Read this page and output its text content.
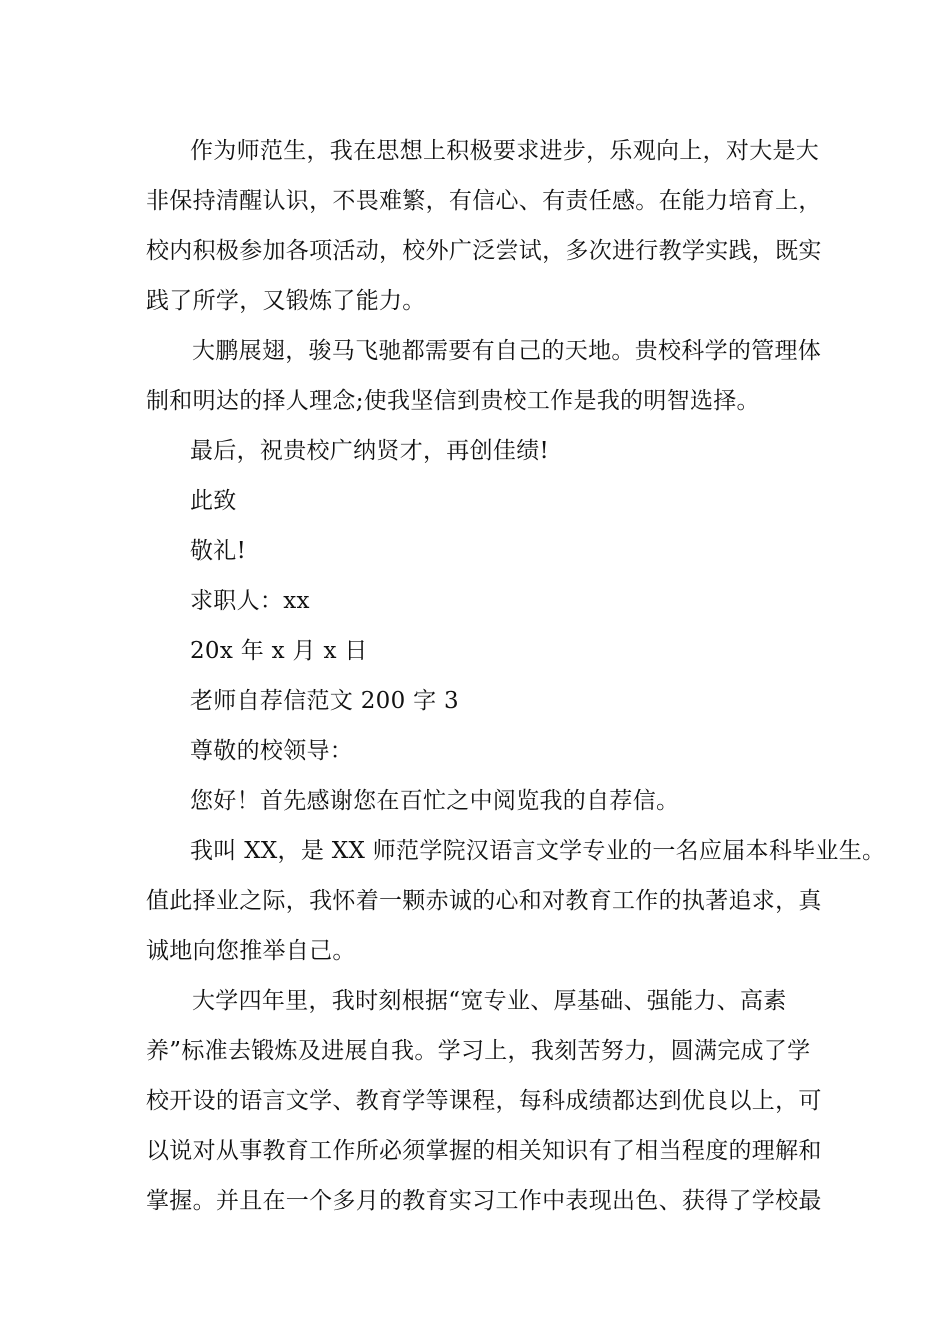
作为师范生，我在思想上积极要求进步，乐观向上，对大是大
非保持清醒认识，不畏难繁，有信心、有责任感。在能力培育上，
校内积极参加各项活动，校外广泛尝试，多次进行教学实践，既实
践了所学，又锻炼了能力。
大鹏展翅，骏马飞驰都需要有自己的天地。贵校科学的管理体
制和明达的择人理念;使我坚信到贵校工作是我的明智选择。
最后，祝贵校广纳贤才，再创佳绩!
此致
敬礼!
求职人：xx
20x 年 x 月 x 日
老师自荐信范文 200 字 3
尊敬的校领导：
您好！首先感谢您在百忙之中阅览我的自荐信。
我叫 XX，是 XX 师范学院汉语言文学专业的一名应届本科毕业生。
值此择业之际，我怀着一颗赤诚的心和对教育工作的执著追求，真
诚地向您推举自己。
大学四年里，我时刻根据“宽专业、厚基础、强能力、高素
养”标准去锻炼及进展自我。学习上，我刻苦努力，圆满完成了学
校开设的语言文学、教育学等课程，每科成绩都达到优良以上，可
以说对从事教育工作所必须掌握的相关知识有了相当程度的理解和
掌握。并且在一个多月的教育实习工作中表现出色、获得了学校最
